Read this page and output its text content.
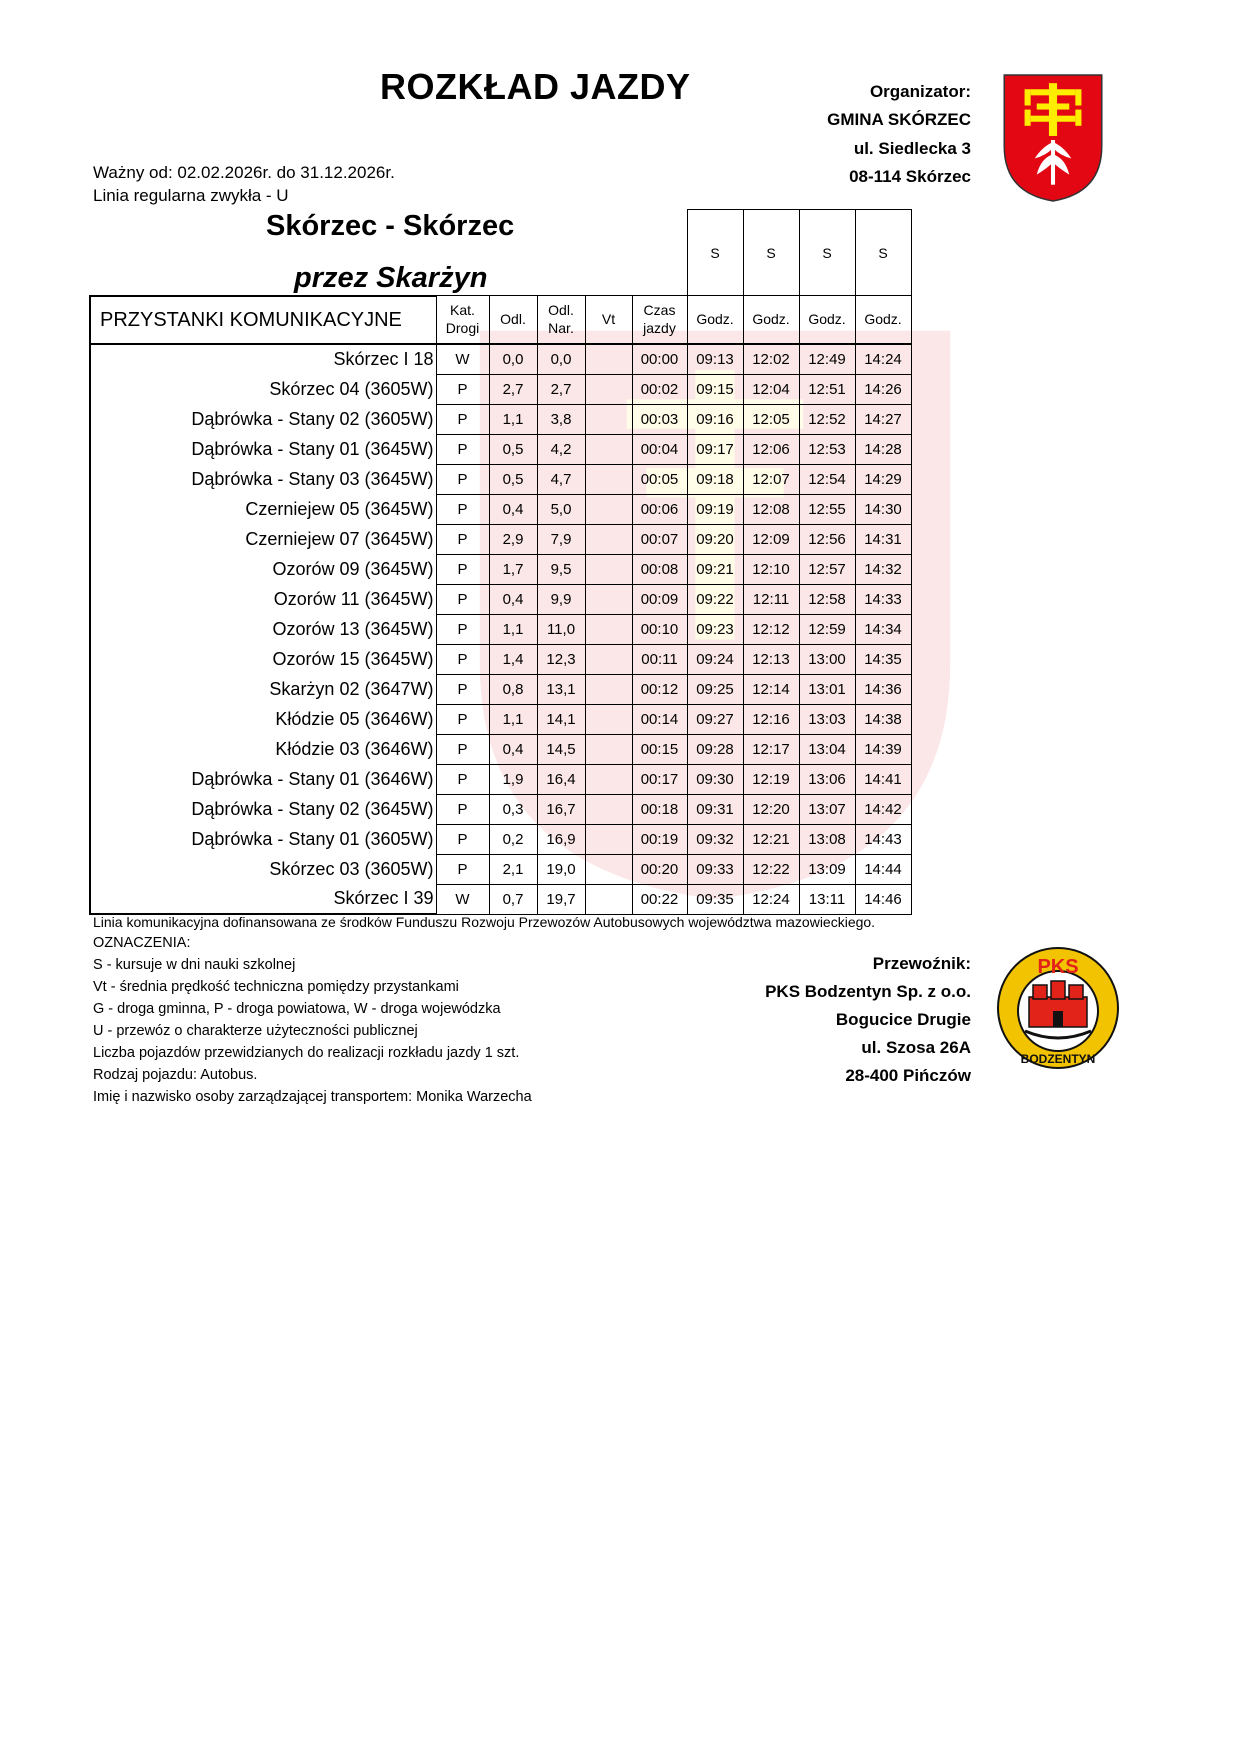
ROZKŁAD JAZDY	Organizator:
GMINA SKÓRZEC
ul. Siedlecka 3
08-114 Skórzec
Ważny od: 02.02.2026r. do 31.12.2026r.
Linia regularna zwykła - U
Skórzec - Skórzec
przez Skarżyn
						S	S	S	S
PRZYSTANKI KOMUNIKACYJNE	Kat. Drogi	Odl.	Odl. Nar.	Vt	Czas jazdy	Godz.	Godz.	Godz.	Godz.
Skórzec I 18	W	0,0	0,0		00:00	09:13	12:02	12:49	14:24
Skórzec 04 (3605W)	P	2,7	2,7		00:02	09:15	12:04	12:51	14:26
Dąbrówka - Stany 02 (3605W)	P	1,1	3,8		00:03	09:16	12:05	12:52	14:27
Dąbrówka - Stany 01 (3645W)	P	0,5	4,2		00:04	09:17	12:06	12:53	14:28
Dąbrówka - Stany 03 (3645W)	P	0,5	4,7		00:05	09:18	12:07	12:54	14:29
Czerniejew 05 (3645W)	P	0,4	5,0		00:06	09:19	12:08	12:55	14:30
Czerniejew 07 (3645W)	P	2,9	7,9		00:07	09:20	12:09	12:56	14:31
Ozorów 09 (3645W)	P	1,7	9,5		00:08	09:21	12:10	12:57	14:32
Ozorów 11 (3645W)	P	0,4	9,9		00:09	09:22	12:11	12:58	14:33
Ozorów 13 (3645W)	P	1,1	11,0		00:10	09:23	12:12	12:59	14:34
Ozorów 15 (3645W)	P	1,4	12,3		00:11	09:24	12:13	13:00	14:35
Skarżyn 02 (3647W)	P	0,8	13,1		00:12	09:25	12:14	13:01	14:36
Kłódzie 05 (3646W)	P	1,1	14,1		00:14	09:27	12:16	13:03	14:38
Kłódzie 03 (3646W)	P	0,4	14,5		00:15	09:28	12:17	13:04	14:39
Dąbrówka - Stany 01 (3646W)	P	1,9	16,4		00:17	09:30	12:19	13:06	14:41
Dąbrówka - Stany 02 (3645W)	P	0,3	16,7		00:18	09:31	12:20	13:07	14:42
Dąbrówka - Stany 01 (3605W)	P	0,2	16,9		00:19	09:32	12:21	13:08	14:43
Skórzec 03 (3605W)	P	2,1	19,0		00:20	09:33	12:22	13:09	14:44
Skórzec I 39	W	0,7	19,7		00:22	09:35	12:24	13:11	14:46
Linia komunikacyjna dofinansowana ze środków Funduszu Rozwoju Przewozów Autobusowych województwa mazowieckiego.
OZNACZENIA:
S - kursuje w dni nauki szkolnej
Vt - średnia prędkość techniczna pomiędzy przystankami
G - droga gminna, P - droga powiatowa, W - droga wojewódzka
U - przewóz o charakterze użyteczności publicznej
Liczba pojazdów przewidzianych do realizacji rozkładu jazdy 1 szt.
Rodzaj pojazdu: Autobus.
Imię i nazwisko osoby zarządzającej transportem: Monika Warzecha
Przewoźnik:
PKS Bodzentyn Sp. z o.o.
Bogucice Drugie
ul. Szosa 26A
28-400 Pińczów
PKS
BODZENTYN
